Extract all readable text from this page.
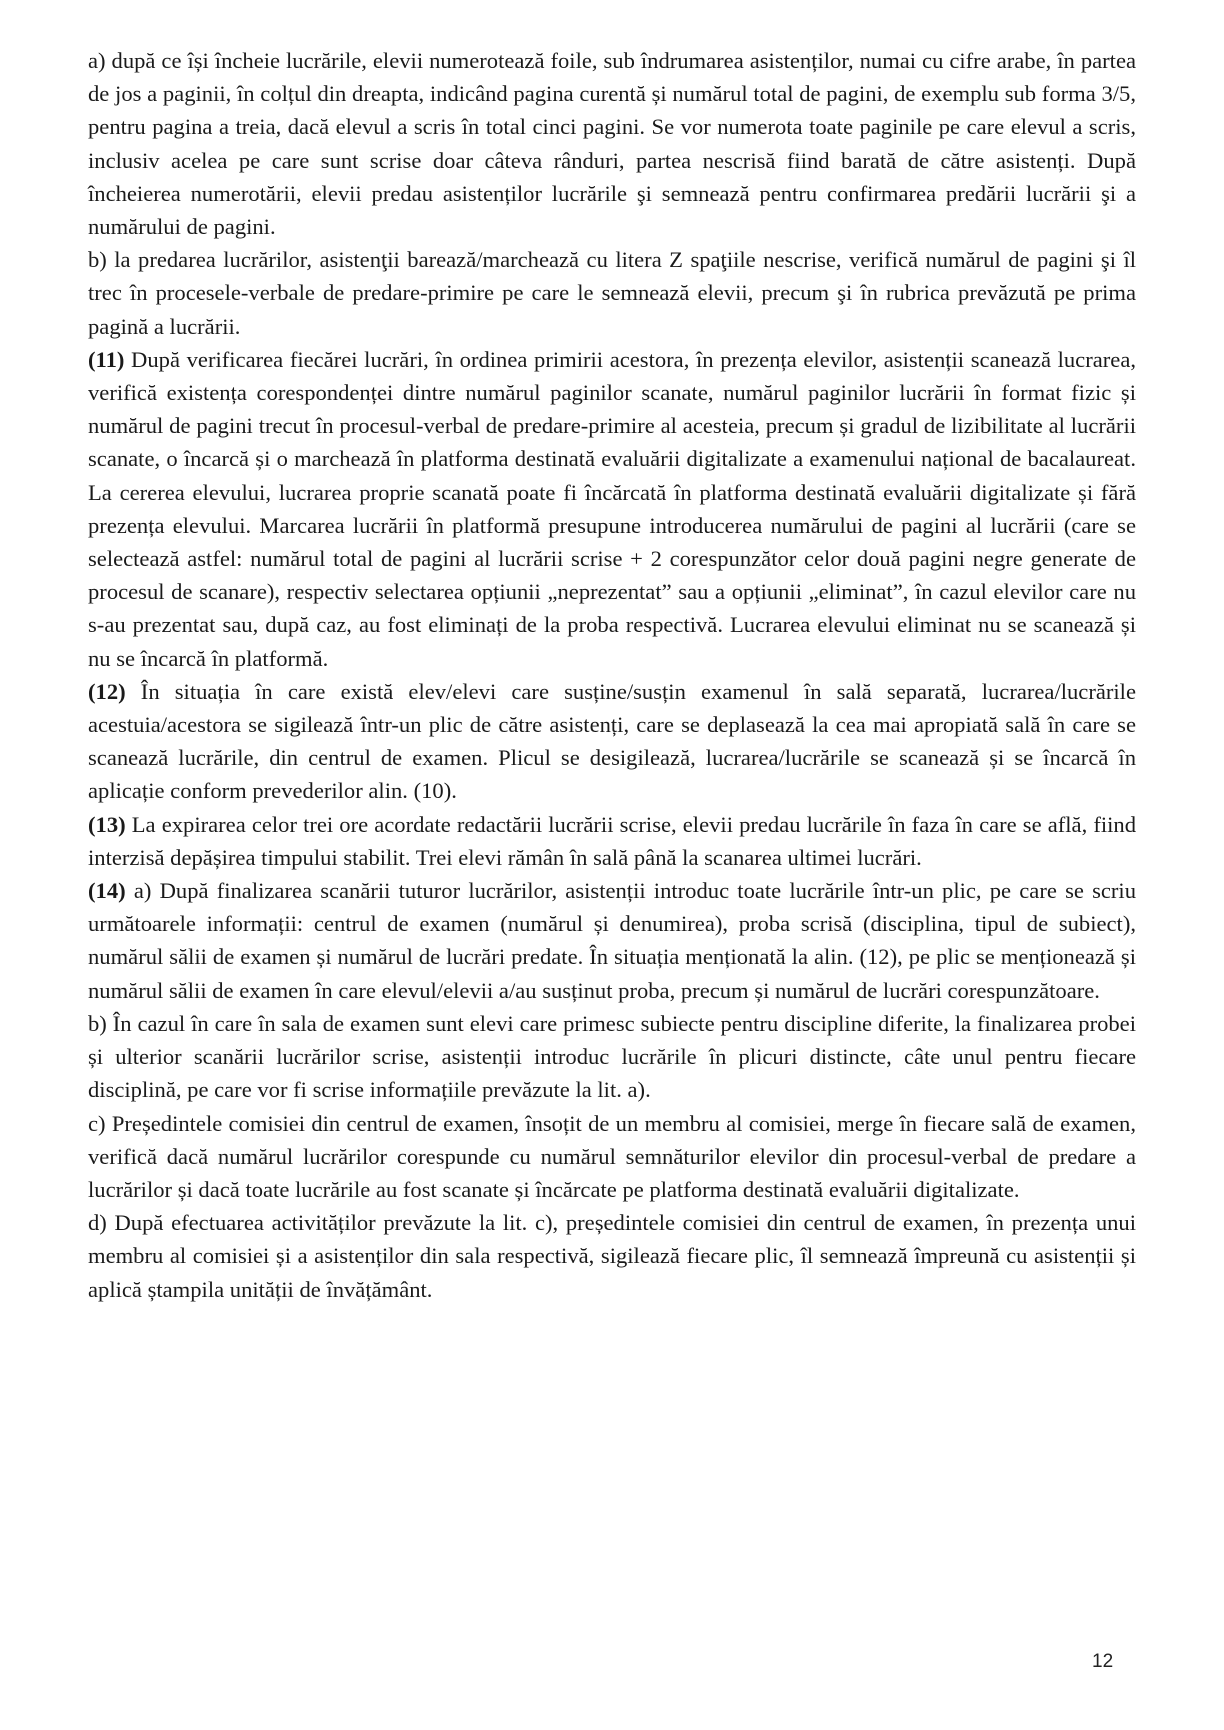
a) după ce își încheie lucrările, elevii numerotează foile, sub îndrumarea asistenților, numai cu cifre arabe, în partea de jos a paginii, în colțul din dreapta, indicând pagina curentă și numărul total de pagini, de exemplu sub forma 3/5, pentru pagina a treia, dacă elevul a scris în total cinci pagini. Se vor numerota toate paginile pe care elevul a scris, inclusiv acelea pe care sunt scrise doar câteva rânduri, partea nescrisă fiind barată de către asistenți. După încheierea numerotării, elevii predau asistenților lucrările şi semnează pentru confirmarea predării lucrării şi a numărului de pagini.

b) la predarea lucrărilor, asistenţii barează/marchează cu litera Z spaţiile nescrise, verifică numărul de pagini şi îl trec în procesele-verbale de predare-primire pe care le semnează elevii, precum şi în rubrica prevăzută pe prima pagină a lucrării.

(11) După verificarea fiecărei lucrări, în ordinea primirii acestora, în prezența elevilor, asistenții scanează lucrarea, verifică existența corespondenței dintre numărul paginilor scanate, numărul paginilor lucrării în format fizic și numărul de pagini trecut în procesul-verbal de predare-primire al acesteia, precum și gradul de lizibilitate al lucrării scanate, o încarcă și o marchează în platforma destinată evaluării digitalizate a examenului național de bacalaureat. La cererea elevului, lucrarea proprie scanată poate fi încărcată în platforma destinată evaluării digitalizate și fără prezența elevului. Marcarea lucrării în platformă presupune introducerea numărului de pagini al lucrării (care se selectează astfel: numărul total de pagini al lucrării scrise + 2 corespunzător celor două pagini negre generate de procesul de scanare), respectiv selectarea opțiunii „neprezentat” sau a opțiunii „eliminat”, în cazul elevilor care nu s-au prezentat sau, după caz, au fost eliminați de la proba respectivă. Lucrarea elevului eliminat nu se scanează și nu se încarcă în platformă.

(12) În situația în care există elev/elevi care susține/susțin examenul în sală separată, lucrarea/lucrările acestuia/acestora se sigilează într-un plic de către asistenți, care se deplasează la cea mai apropiată sală în care se scanează lucrările, din centrul de examen. Plicul se desigilează, lucrarea/lucrările se scanează și se încarcă în aplicație conform prevederilor alin. (10).

(13) La expirarea celor trei ore acordate redactării lucrării scrise, elevii predau lucrările în faza în care se află, fiind interzisă depășirea timpului stabilit. Trei elevi rămân în sală până la scanarea ultimei lucrări.

(14) a) După finalizarea scanării tuturor lucrărilor, asistenții introduc toate lucrările într-un plic, pe care se scriu următoarele informații: centrul de examen (numărul și denumirea), proba scrisă (disciplina, tipul de subiect), numărul sălii de examen și numărul de lucrări predate. În situația menționată la alin. (12), pe plic se menționează și numărul sălii de examen în care elevul/elevii a/au susținut proba, precum și numărul de lucrări corespunzătoare.

b) În cazul în care în sala de examen sunt elevi care primesc subiecte pentru discipline diferite, la finalizarea probei și ulterior scanării lucrărilor scrise, asistenții introduc lucrările în plicuri distincte, câte unul pentru fiecare disciplină, pe care vor fi scrise informațiile prevăzute la lit. a).

c) Președintele comisiei din centrul de examen, însoțit de un membru al comisiei, merge în fiecare sală de examen, verifică dacă numărul lucrărilor corespunde cu numărul semnăturilor elevilor din procesul-verbal de predare a lucrărilor și dacă toate lucrările au fost scanate și încărcate pe platforma destinată evaluării digitalizate.

d) După efectuarea activităților prevăzute la lit. c), președintele comisiei din centrul de examen, în prezența unui membru al comisiei și a asistenților din sala respectivă, sigilează fiecare plic, îl semnează împreună cu asistenții și aplică ștampila unității de învățământ.

12
